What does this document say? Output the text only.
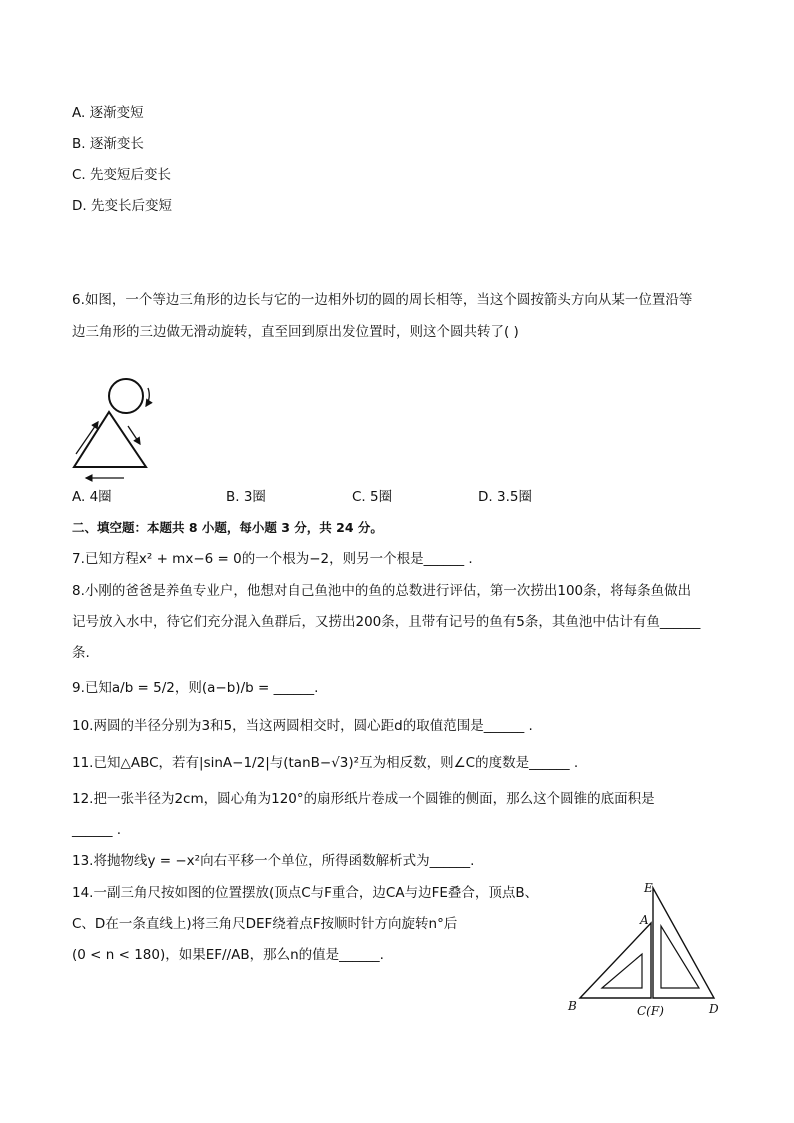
A. 逐渐变短
B. 逐渐变长
C. 先变短后变长
D. 先变长后变短
6.如图，一个等边三角形的边长与它的一边相外切的圆的周长相等，当这个圆按箭头方向从某一位置沿等
边三角形的三边做无滑动旋转，直至回到原出发位置时，则这个圆共转了( )
A. 4圈	B. 3圈	C. 5圈	D. 3.5圈
二、填空题：本题共 8 小题，每小题 3 分，共 24 分。
7.已知方程x² + mx−6 = 0的一个根为−2，则另一个根是______ .
8.小刚的爸爸是养鱼专业户，他想对自己鱼池中的鱼的总数进行评估，第一次捞出100条，将每条鱼做出
记号放入水中，待它们充分混入鱼群后，又捞出200条，且带有记号的鱼有5条，其鱼池中估计有鱼______
条.
9.已知a/b = 5/2，则(a−b)/b = ______.
10.两圆的半径分别为3和5，当这两圆相交时，圆心距d的取值范围是______ .
11.已知△ABC，若有|sinA−1/2|与(tanB−√3)²互为相反数，则∠C的度数是______ .
12.把一张半径为2cm，圆心角为120°的扇形纸片卷成一个圆锥的侧面，那么这个圆锥的底面积是
______ .
13.将抛物线y = −x²向右平移一个单位，所得函数解析式为______.
14.一副三角尺按如图的位置摆放(顶点C与F重合，边CA与边FE叠合，顶点B、
C、D在一条直线上)将三角尺DEF绕着点F按顺时针方向旋转n°后
(0 < n < 180)，如果EF//AB，那么n的值是______.
E
A
B	C(F)	D
